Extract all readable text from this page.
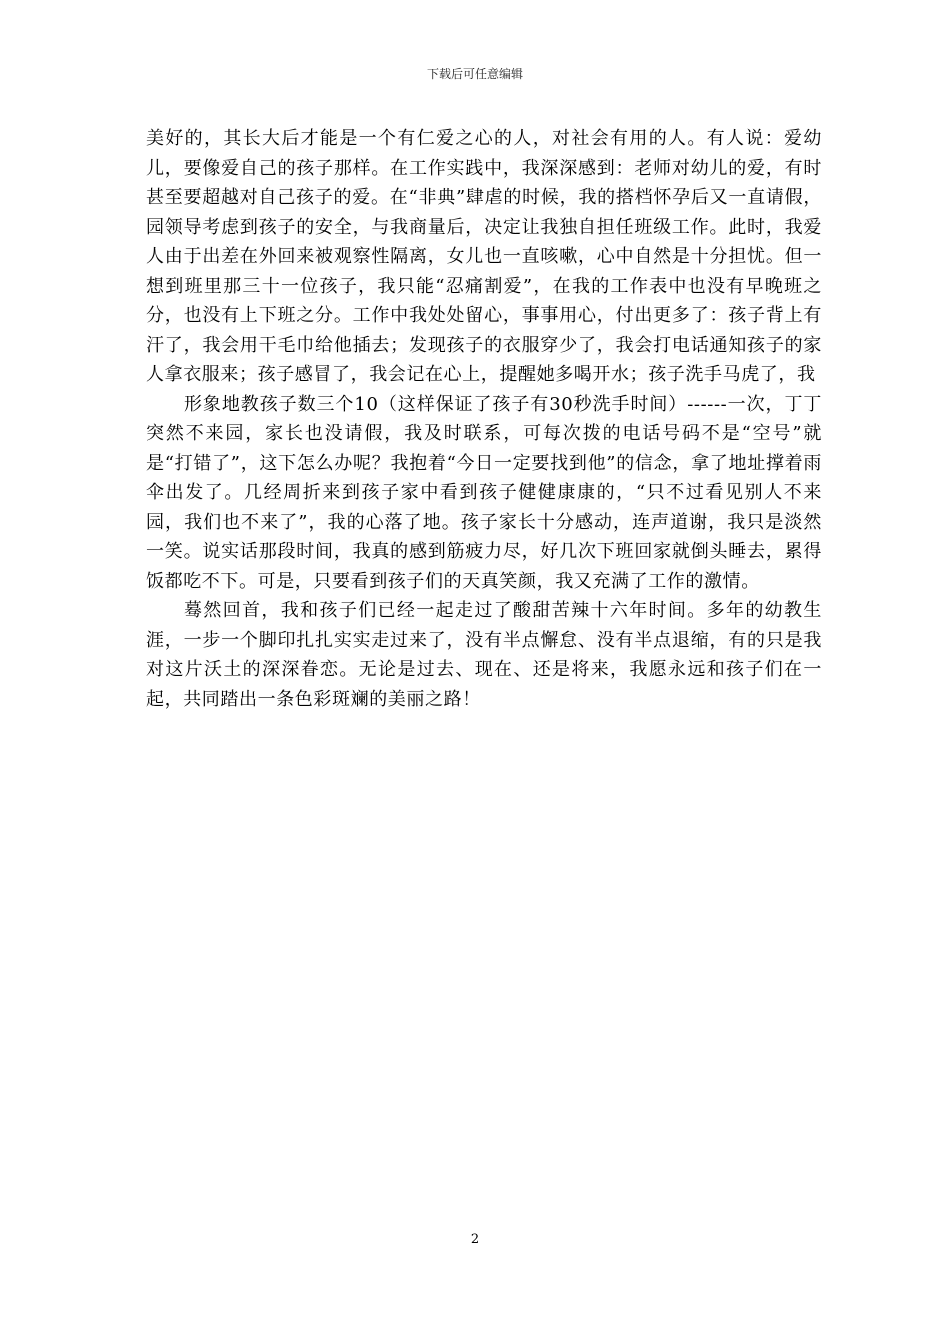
下载后可任意编辑

美好的，其长大后才能是一个有仁爱之心的人，对社会有用的人。有人说：爱幼儿，要像爱自己的孩子那样。在工作实践中，我深深感到：老师对幼儿的爱，有时甚至要超越对自己孩子的爱。在“非典”肆虐的时候，我的搭档怀孕后又一直请假，园领导考虑到孩子的安全，与我商量后，决定让我独自担任班级工作。此时，我爱人由于出差在外回来被观察性隔离，女儿也一直咳嗽，心中自然是十分担忧。但一想到班里那三十一位孩子，我只能“忍痛割爱”，在我的工作表中也没有早晚班之分，也没有上下班之分。工作中我处处留心，事事用心，付出更多了：孩子背上有汗了，我会用干毛巾给他插去；发现孩子的衣服穿少了，我会打电话通知孩子的家人拿衣服来；孩子感冒了，我会记在心上，提醒她多喝开水；孩子洗手马虎了，我

形象地教孩子数三个10（这样保证了孩子有30秒洗手时间）------一次，丁丁突然不来园，家长也没请假，我及时联系，可每次拨的电话号码不是“空号”就是“打错了”，这下怎么办呢？我抱着“今日一定要找到他”的信念，拿了地址撑着雨伞出发了。几经周折来到孩子家中看到孩子健健康康的，“只不过看见别人不来园，我们也不来了”，我的心落了地。孩子家长十分感动，连声道谢，我只是淡然一笑。说实话那段时间，我真的感到筋疲力尽，好几次下班回家就倒头睡去，累得饭都吃不下。可是，只要看到孩子们的天真笑颜，我又充满了工作的激情。

蓦然回首，我和孩子们已经一起走过了酸甜苦辣十六年时间。多年的幼教生涯，一步一个脚印扎扎实实走过来了，没有半点懈怠、没有半点退缩，有的只是我对这片沃土的深深眷恋。无论是过去、现在、还是将来，我愿永远和孩子们在一起，共同踏出一条色彩斑斓的美丽之路！

2
